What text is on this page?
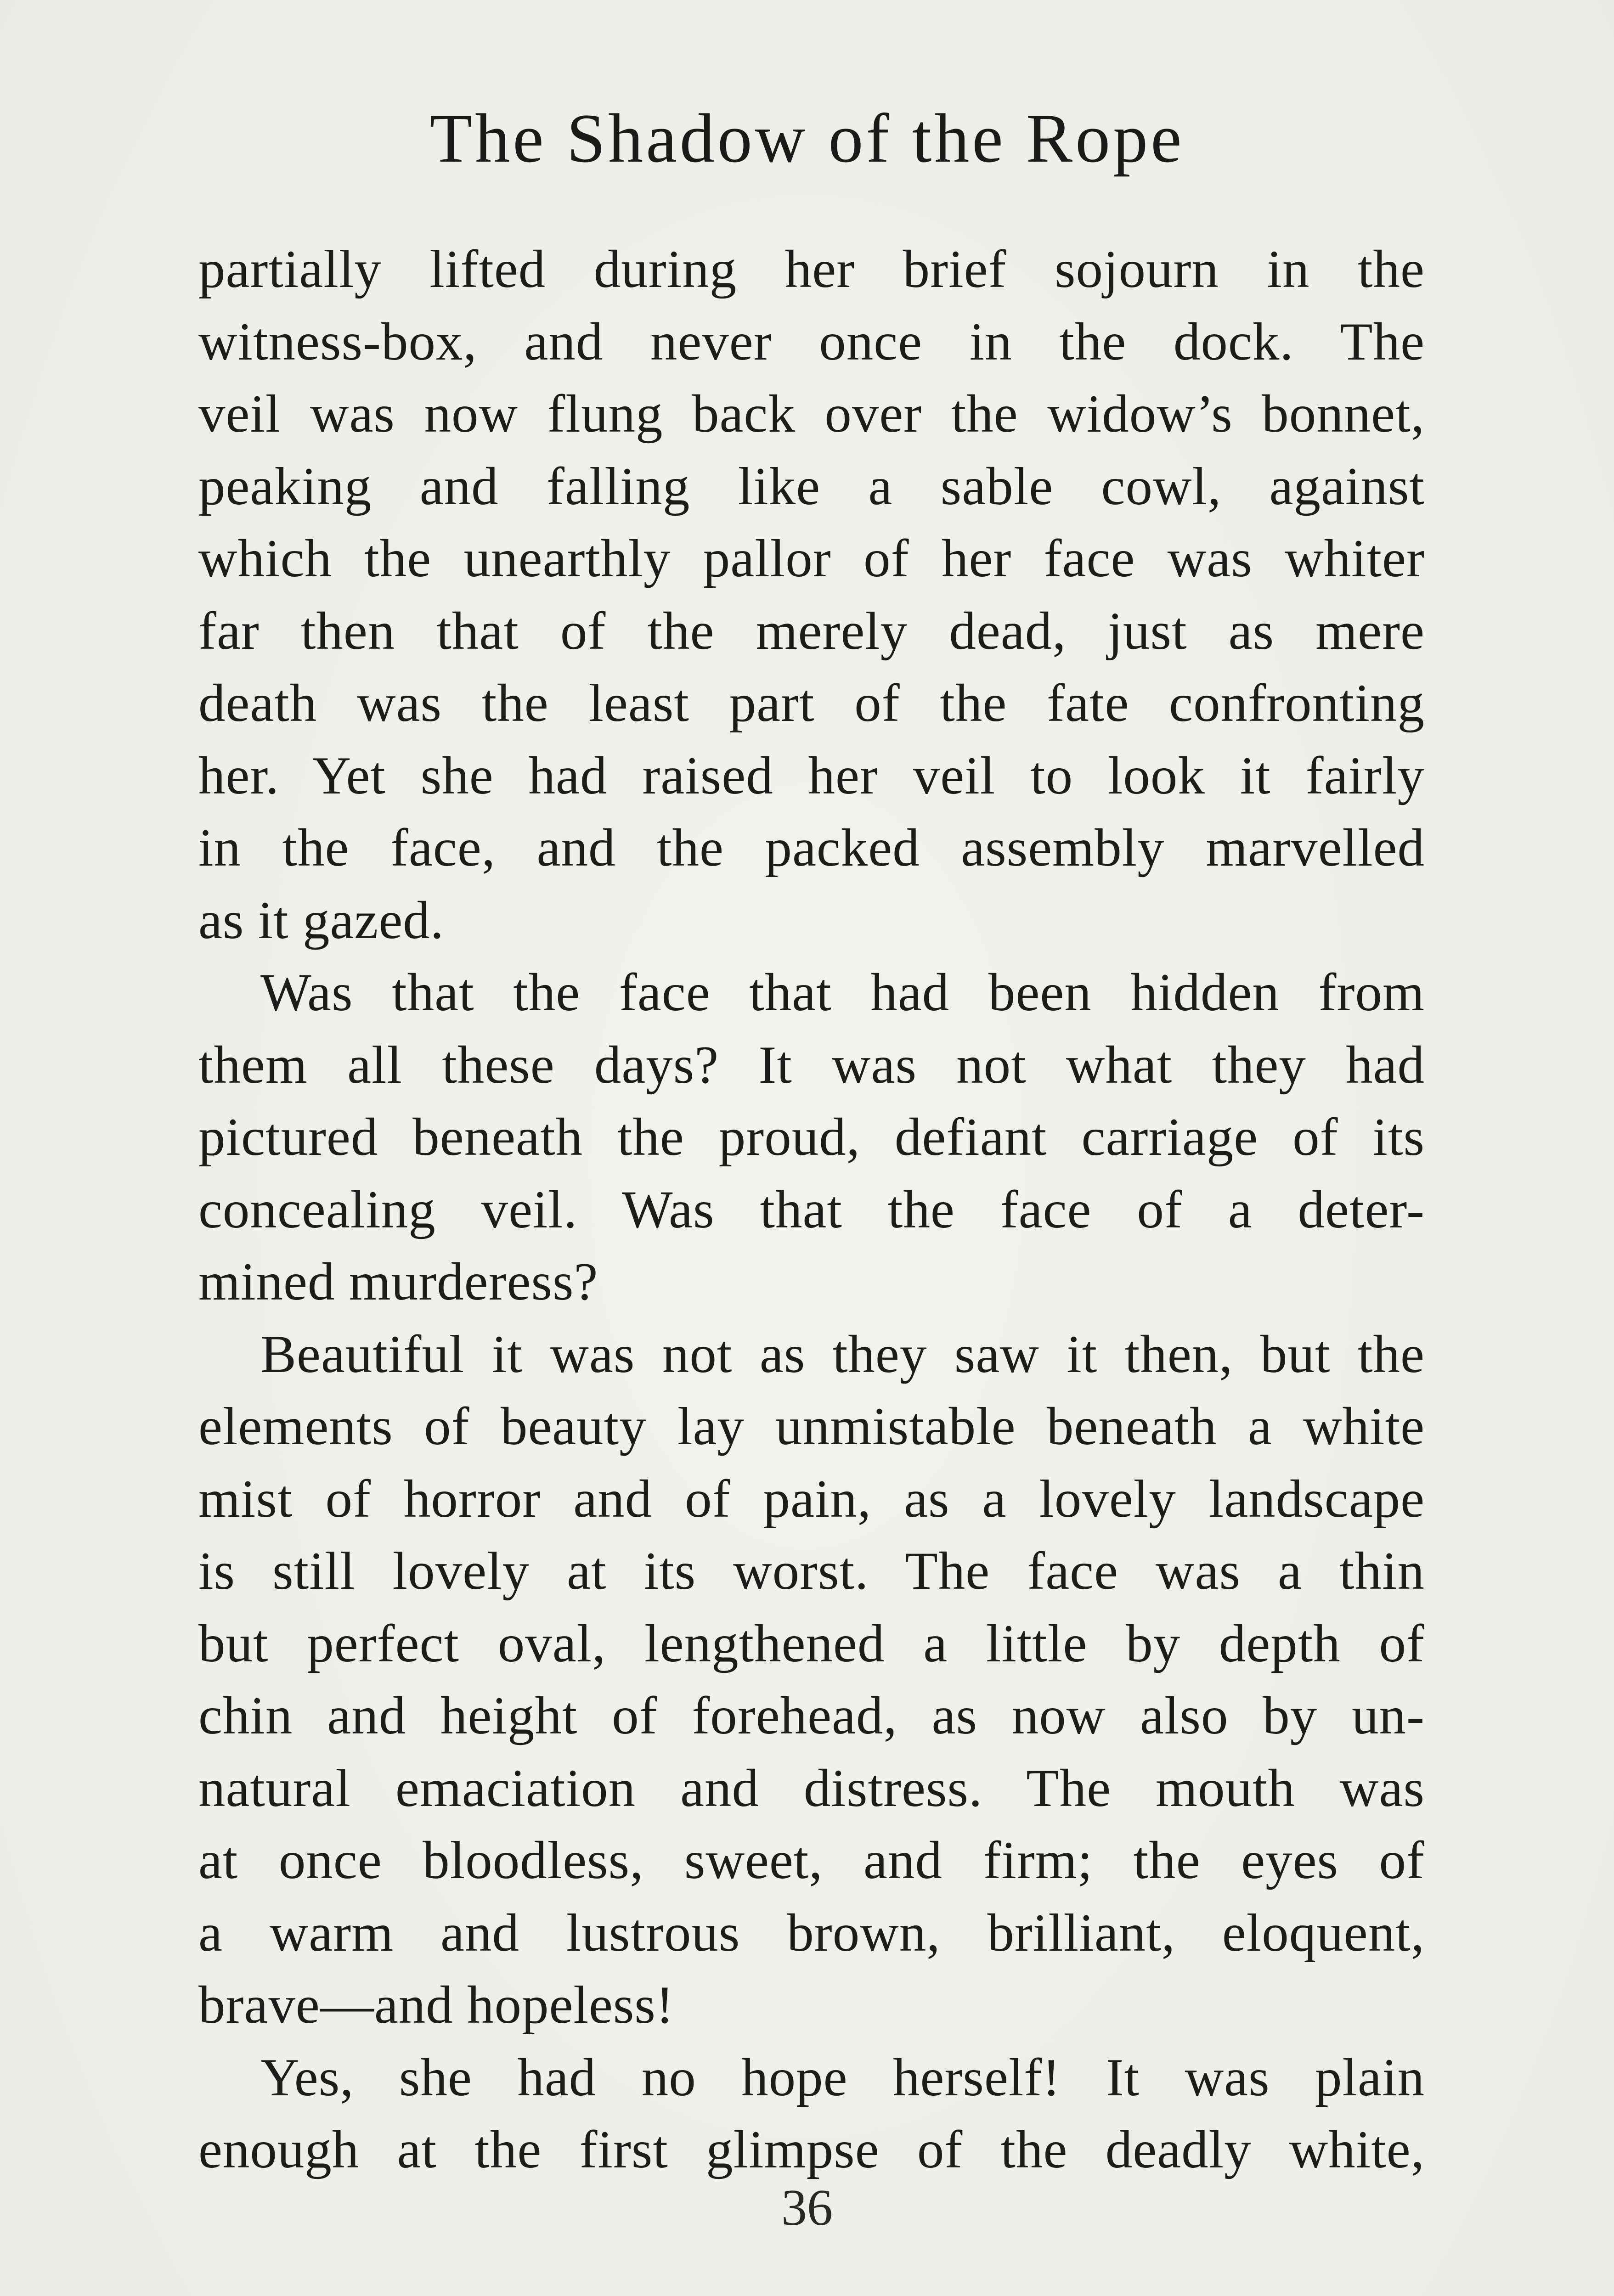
The Shadow of the Rope
partially lifted during her brief sojourn in the
witness-box, and never once in the dock. The
veil was now flung back over the widow’s bonnet,
peaking and falling like a sable cowl, against
which the unearthly pallor of her face was whiter
far then that of the merely dead, just as mere
death was the least part of the fate confronting
her. Yet she had raised her veil to look it fairly
in the face, and the packed assembly marvelled
as it gazed.
Was that the face that had been hidden from
them all these days? It was not what they had
pictured beneath the proud, defiant carriage of its
concealing veil. Was that the face of a deter-
mined murderess?
Beautiful it was not as they saw it then, but the
elements of beauty lay unmistable beneath a white
mist of horror and of pain, as a lovely landscape
is still lovely at its worst. The face was a thin
but perfect oval, lengthened a little by depth of
chin and height of forehead, as now also by un-
natural emaciation and distress. The mouth was
at once bloodless, sweet, and firm; the eyes of
a warm and lustrous brown, brilliant, eloquent,
brave—and hopeless!
Yes, she had no hope herself! It was plain
enough at the first glimpse of the deadly white,
36
